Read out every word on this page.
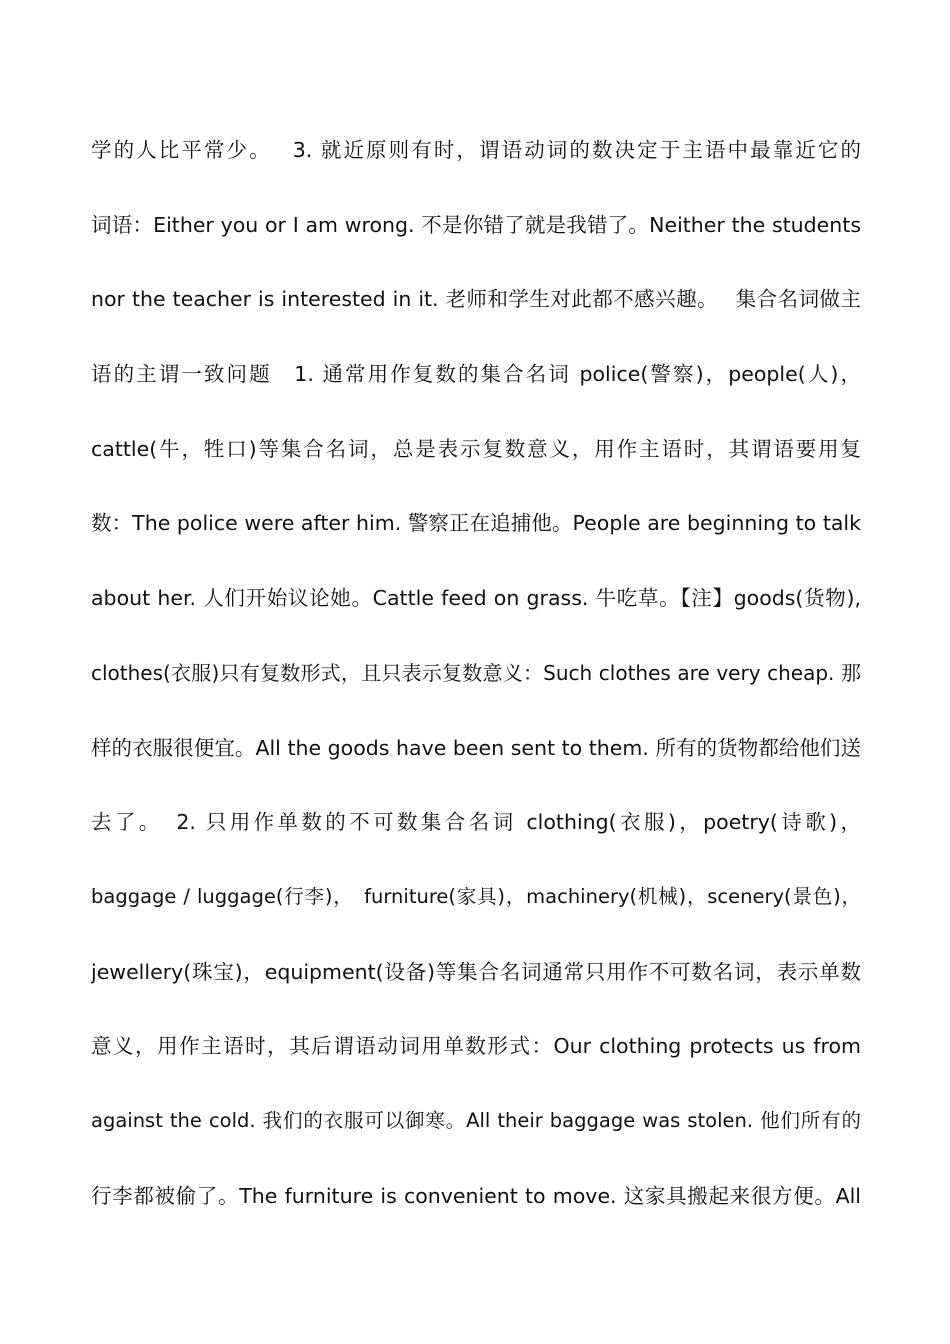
学的人比平常少。　 3. 就近原则有时，谓语动词的数决定于主语中最靠近它的
词语：Either you or I am wrong. 不是你错了就是我错了。Neither the students
nor the teacher is interested in it. 老师和学生对此都不感兴趣。　 集合名词做主
语的主谓一致问题　1. 通常用作复数的集合名词 police(警察)，people(人)，
cattle(牛，牲口)等集合名词，总是表示复数意义，用作主语时，其谓语要用复
数：The police were after him. 警察正在追捕他。People are beginning to talk
about her. 人们开始议论她。Cattle feed on grass. 牛吃草。【注】goods(货物),
clothes(衣服)只有复数形式，且只表示复数意义：Such clothes are very cheap. 那
样的衣服很便宜。All the goods have been sent to them. 所有的货物都给他们送
去了。　2. 只用作单数的不可数集合名词 clothing(衣服)，poetry(诗歌)，
baggage / luggage(行李)，　furniture(家具)，machinery(机械)，scenery(景色)，
jewellery(珠宝)，equipment(设备)等集合名词通常只用作不可数名词，表示单数
意义，用作主语时，其后谓语动词用单数形式：Our clothing protects us from
against the cold. 我们的衣服可以御寒。All their baggage was stolen. 他们所有的
行李都被偷了。The furniture is convenient to move. 这家具搬起来很方便。All
